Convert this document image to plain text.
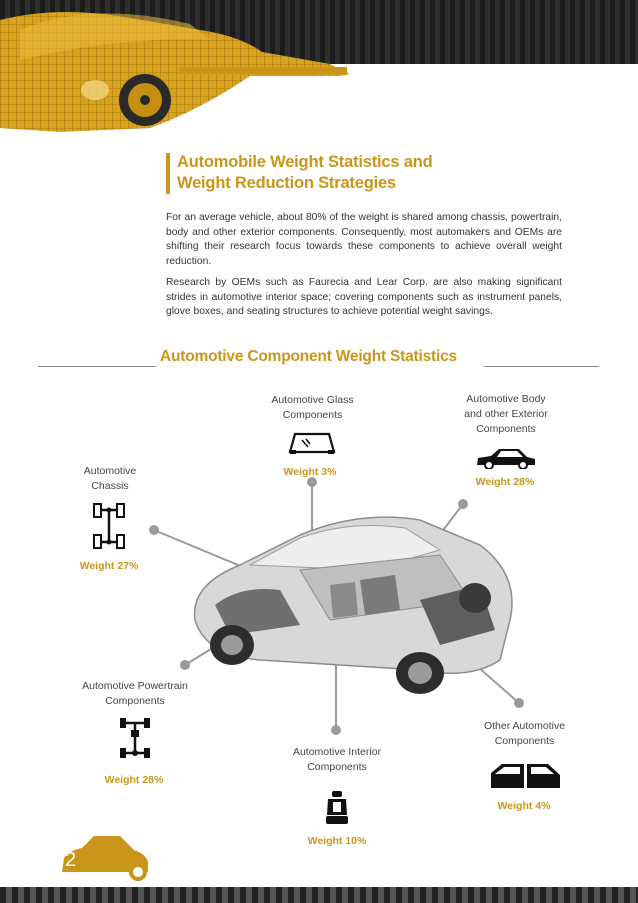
Automobile Weight Statistics and
Weight Reduction Strategies
For an average vehicle, about 80% of the weight is shared among chassis, powertrain, body and other exterior components. Consequently, most automakers and OEMs are shifting their research focus towards these components to achieve overall weight reduction.
Research by OEMs such as Faurecia and Lear Corp. are also making significant strides in automotive interior space; covering components such as instrument panels, glove boxes, and seating structures to achieve potential weight savings.
Automotive Component Weight Statistics
Automotive Glass
Components
Weight 3%
Automotive Body
and other Exterior
Components
Weight 28%
Automotive
Chassis
Weight 27%
Automotive Powertrain
Components
Weight 28%
Automotive Interior
Components
Weight 10%
Other Automotive
Components
Weight 4%
2
